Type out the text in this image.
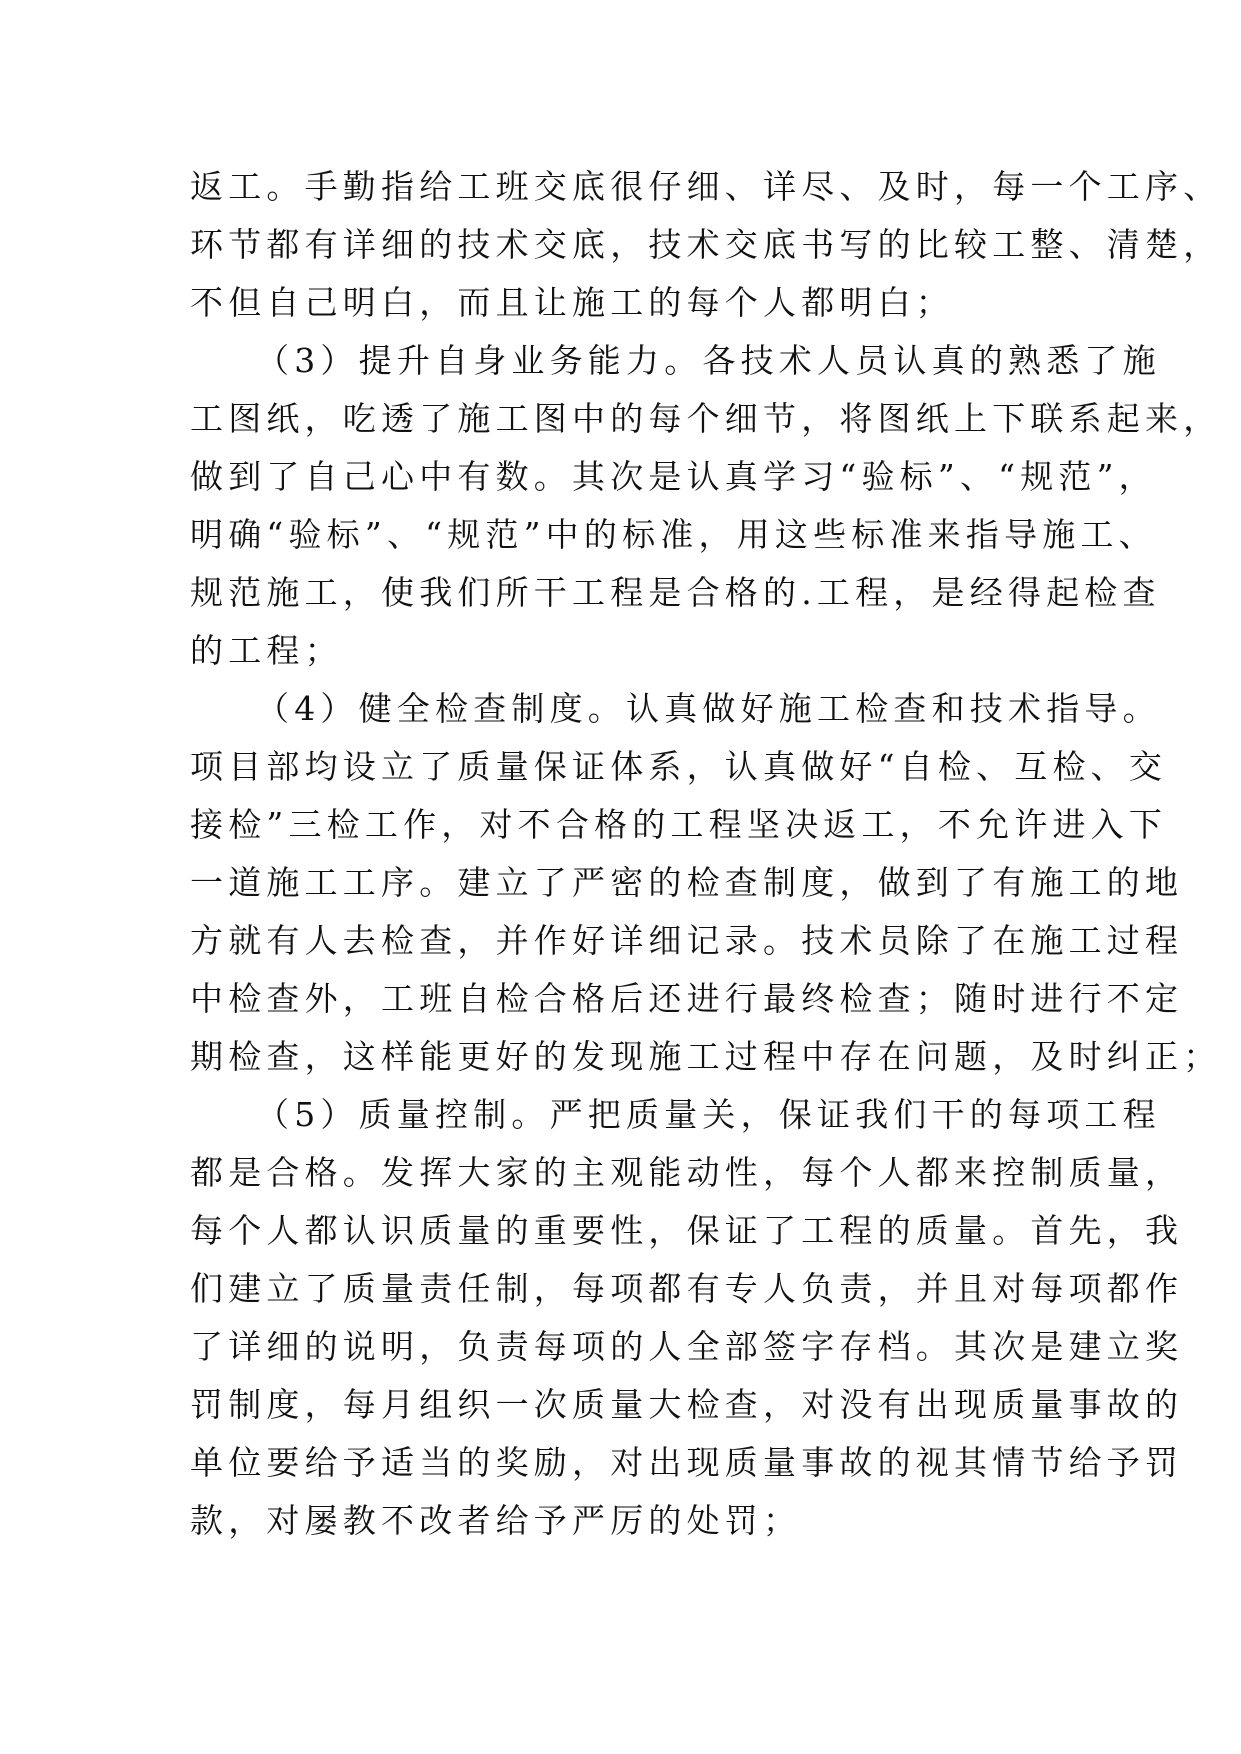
返工。手勤指给工班交底很仔细、详尽、及时，每一个工序、
环节都有详细的技术交底，技术交底书写的比较工整、清楚，
不但自己明白，而且让施工的每个人都明白；
（3）提升自身业务能力。各技术人员认真的熟悉了施
工图纸，吃透了施工图中的每个细节，将图纸上下联系起来，
做到了自己心中有数。其次是认真学习“验标”、“规范”，
明确“验标”、“规范”中的标准，用这些标准来指导施工、
规范施工，使我们所干工程是合格的.工程，是经得起检查
的工程；
（4）健全检查制度。认真做好施工检查和技术指导。
项目部均设立了质量保证体系，认真做好“自检、互检、交
接检”三检工作，对不合格的工程坚决返工，不允许进入下
一道施工工序。建立了严密的检查制度，做到了有施工的地
方就有人去检查，并作好详细记录。技术员除了在施工过程
中检查外，工班自检合格后还进行最终检查；随时进行不定
期检查，这样能更好的发现施工过程中存在问题，及时纠正；
（5）质量控制。严把质量关，保证我们干的每项工程
都是合格。发挥大家的主观能动性，每个人都来控制质量，
每个人都认识质量的重要性，保证了工程的质量。首先，我
们建立了质量责任制，每项都有专人负责，并且对每项都作
了详细的说明，负责每项的人全部签字存档。其次是建立奖
罚制度，每月组织一次质量大检查，对没有出现质量事故的
单位要给予适当的奖励，对出现质量事故的视其情节给予罚
款，对屡教不改者给予严厉的处罚；
